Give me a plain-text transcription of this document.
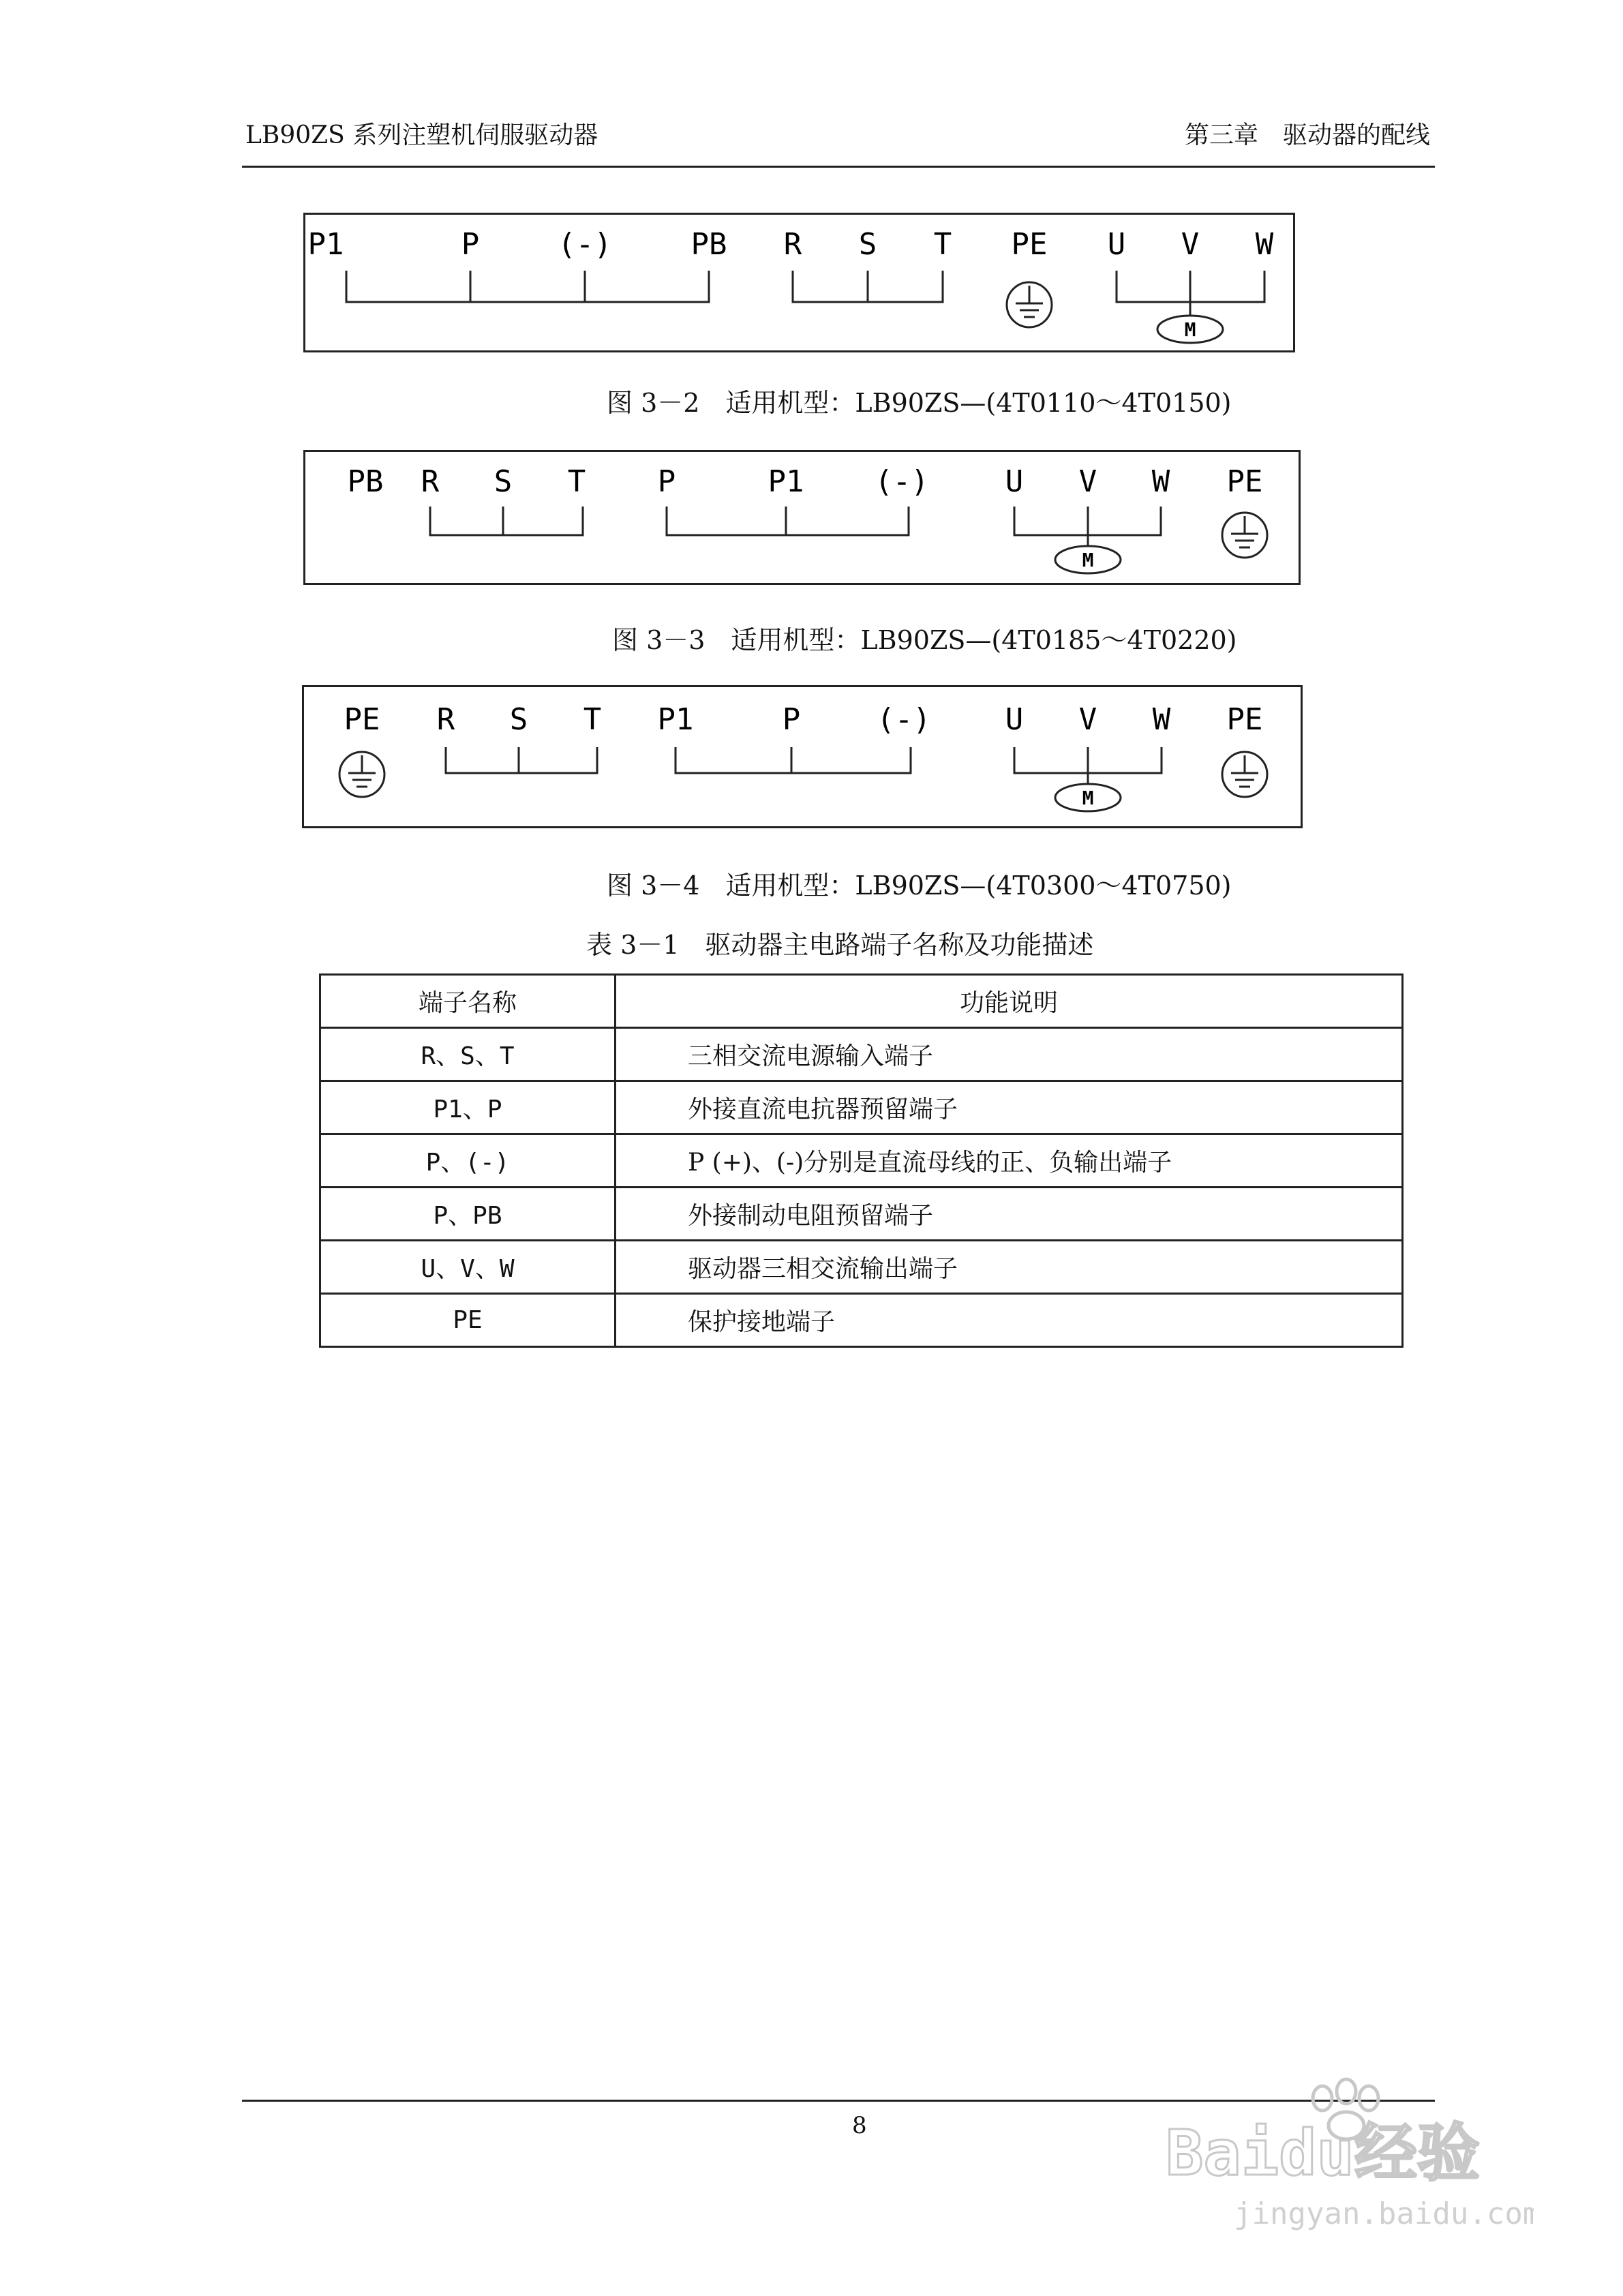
LB90ZS 系列注塑机伺服驱动器	第三章　驱动器的配线
P1	P	(-)	PB R S T PE U V W
M
图 3－2　适用机型：LB90ZS—(4T0110～4T0150)
PB R S T P	P1 (-)	U V W PE
M
图 3－3　适用机型：LB90ZS—(4T0185～4T0220)
PE R S T P1	P	(-) U V W PE
M
图 3－4　适用机型：LB90ZS—(4T0300～4T0750)
表 3－1　驱动器主电路端子名称及功能描述
端子名称	功能说明
R、S、T	三相交流电源输入端子
P1、P	外接直流电抗器预留端子
P、(-)	P (+)、(-)分别是直流母线的正、负输出端子
P、PB	外接制动电阻预留端子
U、V、W	驱动器三相交流输出端子
PE	保护接地端子
8	Baidu经验
jingyan.baidu.com
